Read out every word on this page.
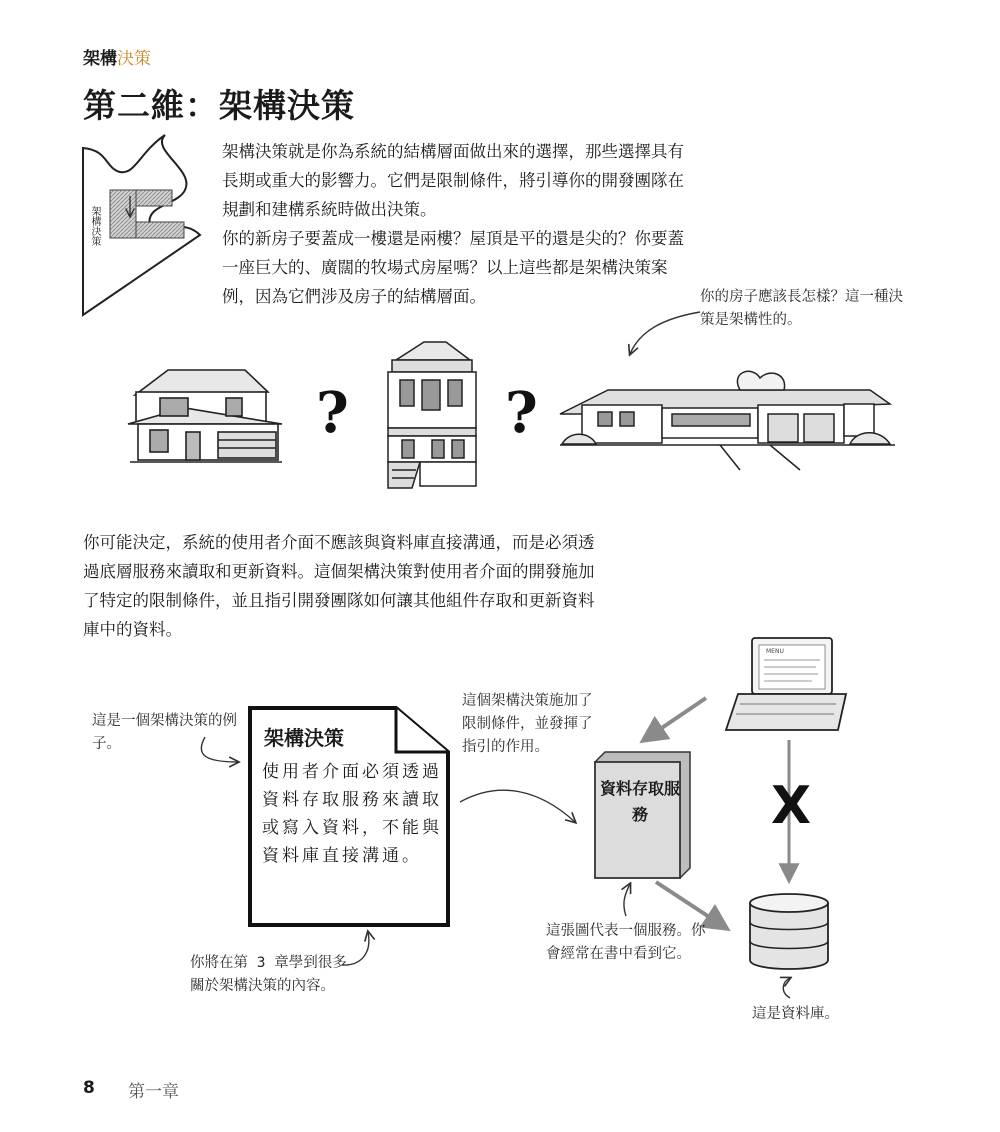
架構決策
第二維：架構決策
?	?
架構決策
架構決策就是你為系統的結構層面做出來的選擇，那些選擇具有長期或重大的影響力。它們是限制條件，將引導你的開發團隊在規劃和建構系統時做出決策。
你的新房子要蓋成一樓還是兩樓？屋頂是平的還是尖的？你要蓋一座巨大的、廣闊的牧場式房屋嗎？以上這些都是架構決策案例，因為它們涉及房子的結構層面。	你的房子應該長怎樣？這一種決策是架構性的。
你可能決定，系統的使用者介面不應該與資料庫直接溝通，而是必須透過底層服務來讀取和更新資料。這個架構決策對使用者介面的開發施加了特定的限制條件，並且指引開發團隊如何讓其他組件存取和更新資料庫中的資料。
架構決策
使用者介面必須透過資料存取服務來讀取或寫入資料，不能與資料庫直接溝通。
資料存取服務	X
MENU
這是一個架構決策的例子。
這個架構決策施加了限制條件，並發揮了指引的作用。
你將在第 3 章學到很多關於架構決策的內容。
這張圖代表一個服務。你會經常在書中看到它。
這是資料庫。
8 第一章
